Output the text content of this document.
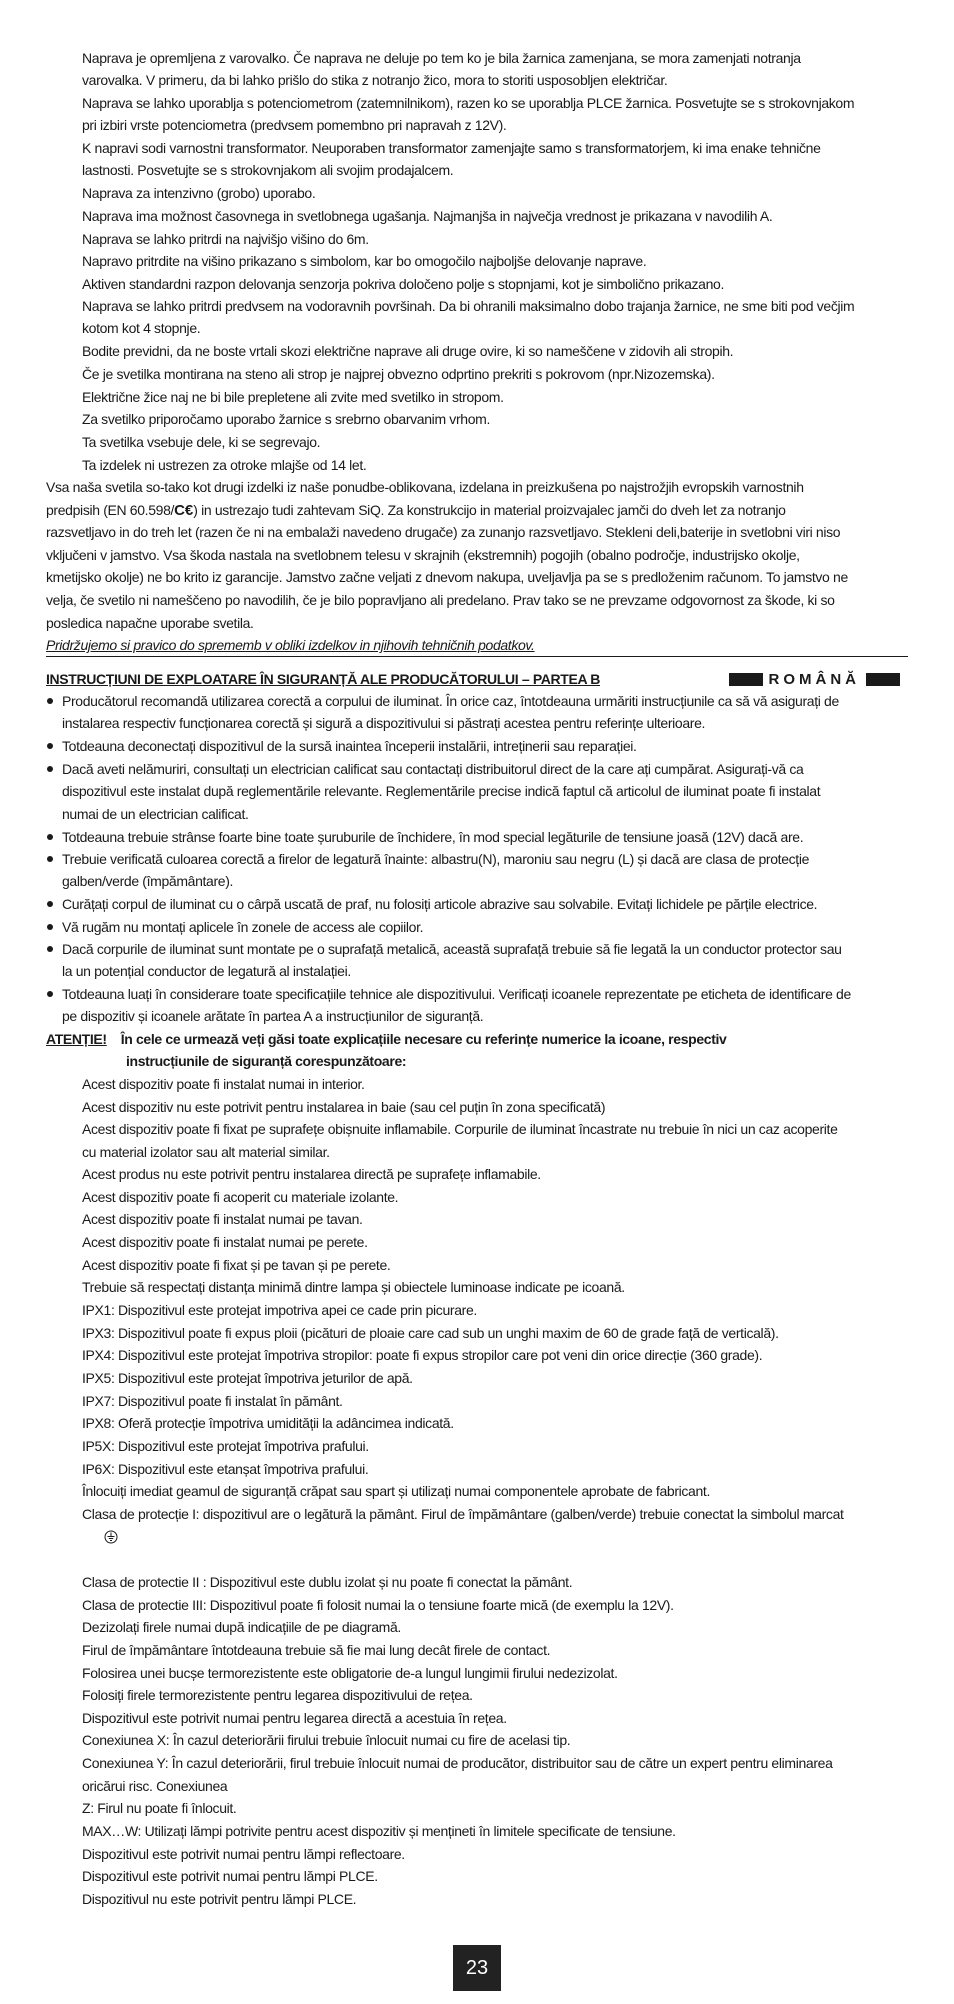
Naprava je opremljena z varovalko. Če naprava ne deluje po tem ko je bila žarnica zamenjana, se mora zamenjati notranja
varovalka. V primeru, da bi lahko prišlo do stika z notranjo žico, mora to storiti usposobljen električar.
Naprava se lahko uporablja s potenciometrom (zatemnilnikom), razen ko se uporablja PLCE žarnica. Posvetujte se s strokovnjakom
pri izbiri vrste potenciometra (predvsem pomembno pri napravah z 12V).
K napravi sodi varnostni transformator. Neuporaben transformator zamenjajte samo s transformatorjem, ki ima enake tehnične
lastnosti. Posvetujte se s strokovnjakom ali svojim prodajalcem.
Naprava za intenzivno (grobo) uporabo.
Naprava ima možnost časovnega in svetlobnega ugašanja. Najmanjša in največja vrednost je prikazana v navodilih A.
Naprava se lahko pritrdi na najvišjo višino do 6m.
Napravo pritrdite na višino prikazano s simbolom, kar bo omogočilo najboljše delovanje naprave.
Aktiven standardni razpon delovanja senzorja pokriva določeno polje s stopnjami, kot je simbolično prikazano.
Naprava se lahko pritrdi predvsem na vodoravnih površinah. Da bi ohranili maksimalno dobo trajanja žarnice, ne sme biti pod večjim
kotom kot 4 stopnje.
Bodite previdni, da ne boste vrtali skozi električne naprave ali druge ovire, ki so nameščene v zidovih ali stropih.
Če je svetilka montirana na steno ali strop je najprej obvezno odprtino prekriti s pokrovom (npr.Nizozemska).
Električne žice naj ne bi bile prepletene ali zvite med svetilko in stropom.
Za svetilko priporočamo uporabo žarnice s srebrno obarvanim vrhom.
Ta svetilka vsebuje dele, ki se segrevajo.
Ta izdelek ni ustrezen za otroke mlajše od 14 let.
Vsa naša svetila so-tako kot drugi izdelki iz naše ponudbe-oblikovana, izdelana in preizkušena po najstrožjih evropskih varnostnih
predpisih (EN 60.598/C€) in ustrezajo tudi zahtevam SiQ. Za konstrukcijo in material proizvajalec jamči do dveh let za notranjo
razsvetljavo in do treh let (razen če ni na embalaži navedeno drugače) za zunanjo razsvetljavo. Stekleni deli,baterije in svetlobni viri niso
vključeni v jamstvo. Vsa škoda nastala na svetlobnem telesu v skrajnih (ekstremnih) pogojih (obalno področje, industrijsko okolje,
kmetijsko okolje) ne bo krito iz garancije. Jamstvo začne veljati z dnevom nakupa, uveljavlja pa se s predloženim računom. To jamstvo ne
velja, če svetilo ni nameščeno po navodilih, če je bilo popravljano ali predelano. Prav tako se ne prevzame odgovornost za škode, ki so
posledica napačne uporabe svetila.
Pridržujemo si pravico do sprememb v obliki izdelkov in njihovih tehničnih podatkov.
INSTRUCȚIUNI DE EXPLOATARE ÎN SIGURANȚĂ ALE PRODUCĂTORULUI – PARTEA B	ROMÂNĂ
Producătorul recomandă utilizarea corectă a corpului de iluminat. În orice caz, întotdeauna urmăriti instrucțiunile ca să vă asigurați de
instalarea respectiv funcționarea corectă și sigură a dispozitivului si păstrați acestea pentru referințe ulterioare.
Totdeauna deconectați dispozitivul de la sursă inaintea începerii instalării, intreținerii sau reparației.
Dacă aveti nelămuriri, consultați un electrician calificat sau contactați distribuitorul direct de la care ați cumpărat. Asigurați-vă ca
dispozitivul este instalat după reglementările relevante. Reglementările precise indică faptul că articolul de iluminat poate fi instalat
numai de un electrician calificat.
Totdeauna trebuie strânse foarte bine toate șuruburile de închidere, în mod special legăturile de tensiune joasă (12V) dacă are.
Trebuie verificată culoarea corectă a firelor de legatură înainte: albastru(N), maroniu sau negru (L) și dacă are clasa de protecție
galben/verde (împământare).
Curățați corpul de iluminat cu o cârpă uscată de praf, nu folosiți articole abrazive sau solvabile. Evitați lichidele pe părțile electrice.
Vă rugăm nu montați aplicele în zonele de access ale copiilor.
Dacă corpurile de iluminat sunt montate pe o suprafață metalică, această suprafață trebuie să fie legată la un conductor protector sau
la un potențial conductor de legatură al instalației.
Totdeauna luați în considerare toate specificațiile tehnice ale dispozitivului. Verificați icoanele reprezentate pe eticheta de identificare de
pe dispozitiv și icoanele arătate în partea A a instrucțiunilor de siguranță.
ATENȚIE! În cele ce urmează veți găsi toate explicațiile necesare cu referințe numerice la icoane, respectiv
instrucțiunile de siguranță corespunzătoare:
Acest dispozitiv poate fi instalat numai in interior.
Acest dispozitiv nu este potrivit pentru instalarea in baie (sau cel puțin în zona specificată)
Acest dispozitiv poate fi fixat pe suprafețe obișnuite inflamabile. Corpurile de iluminat încastrate nu trebuie în nici un caz acoperite
cu material izolator sau alt material similar.
Acest produs nu este potrivit pentru instalarea directă pe suprafețe inflamabile.
Acest dispozitiv poate fi acoperit cu materiale izolante.
Acest dispozitiv poate fi instalat numai pe tavan.
Acest dispozitiv poate fi instalat numai pe perete.
Acest dispozitiv poate fi fixat și pe tavan și pe perete.
Trebuie să respectați distanța minimă dintre lampa și obiectele luminoase indicate pe icoană.
IPX1: Dispozitivul este protejat impotriva apei ce cade prin picurare.
IPX3: Dispozitivul poate fi expus ploii (picături de ploaie care cad sub un unghi maxim de 60 de grade față de verticală).
IPX4: Dispozitivul este protejat împotriva stropilor: poate fi expus stropilor care pot veni din orice direcție (360 grade).
IPX5: Dispozitivul este protejat împotriva jeturilor de apă.
IPX7: Dispozitivul poate fi instalat în pământ.
IPX8: Oferă protecție împotriva umidității la adâncimea indicată.
IP5X: Dispozitivul este protejat împotriva prafului.
IP6X: Dispozitivul este etanșat împotriva prafului.
Înlocuiți imediat geamul de siguranță crăpat sau spart și utilizați numai componentele aprobate de fabricant.
Clasa de protecție I: dispozitivul are o legătură la pământ. Firul de împământare (galben/verde) trebuie conectat la simbolul marcat
Clasa de protectie II : Dispozitivul este dublu izolat și nu poate fi conectat la pământ.
Clasa de protectie III: Dispozitivul poate fi folosit numai la o tensiune foarte mică (de exemplu la 12V).
Dezizolați firele numai după indicațiile de pe diagramă.
Firul de împământare întotdeauna trebuie să fie mai lung decât firele de contact.
Folosirea unei bucșe termorezistente este obligatorie de-a lungul lungimii firului nedezizolat.
Folosiți firele termorezistente pentru legarea dispozitivului de rețea.
Dispozitivul este potrivit numai pentru legarea directă a acestuia în rețea.
Conexiunea X: În cazul deteriorării firului trebuie înlocuit numai cu fire de acelasi tip.
Conexiunea Y: În cazul deteriorării, firul trebuie înlocuit numai de producător, distribuitor sau de către un expert pentru eliminarea
oricărui risc. Conexiunea
Z: Firul nu poate fi înlocuit.
MAX…W: Utilizați lămpi potrivite pentru acest dispozitiv și mențineti în limitele specificate de tensiune.
Dispozitivul este potrivit numai pentru lămpi reflectoare.
Dispozitivul este potrivit numai pentru lămpi PLCE.
Dispozitivul nu este potrivit pentru lămpi PLCE.
23
